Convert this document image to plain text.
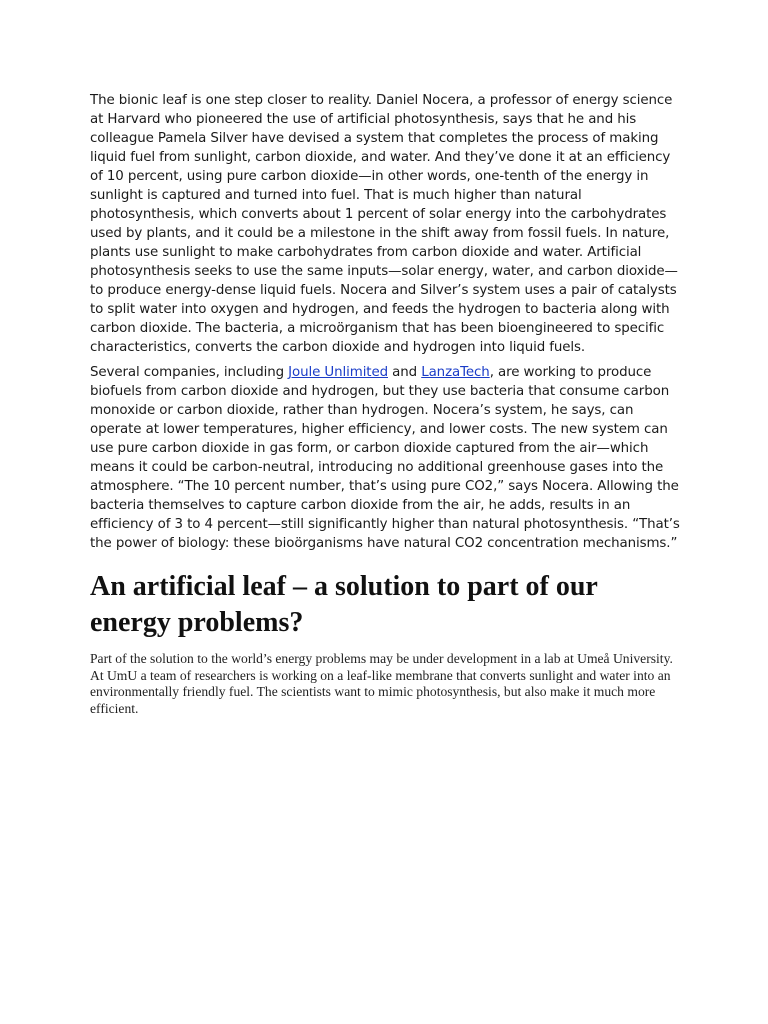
The bionic leaf is one step closer to reality. Daniel Nocera, a professor of energy science at Harvard who pioneered the use of artificial photosynthesis, says that he and his colleague Pamela Silver have devised a system that completes the process of making liquid fuel from sunlight, carbon dioxide, and water. And they’ve done it at an efficiency of 10 percent, using pure carbon dioxide—in other words, one-tenth of the energy in sunlight is captured and turned into fuel. That is much higher than natural photosynthesis, which converts about 1 percent of solar energy into the carbohydrates used by plants, and it could be a milestone in the shift away from fossil fuels. In nature, plants use sunlight to make carbohydrates from carbon dioxide and water. Artificial photosynthesis seeks to use the same inputs—solar energy, water, and carbon dioxide—to produce energy-dense liquid fuels. Nocera and Silver’s system uses a pair of catalysts to split water into oxygen and hydrogen, and feeds the hydrogen to bacteria along with carbon dioxide. The bacteria, a microörganism that has been bioengineered to specific characteristics, converts the carbon dioxide and hydrogen into liquid fuels.

Several companies, including Joule Unlimited and LanzaTech, are working to produce biofuels from carbon dioxide and hydrogen, but they use bacteria that consume carbon monoxide or carbon dioxide, rather than hydrogen. Nocera’s system, he says, can operate at lower temperatures, higher efficiency, and lower costs. The new system can use pure carbon dioxide in gas form, or carbon dioxide captured from the air—which means it could be carbon-neutral, introducing no additional greenhouse gases into the atmosphere. “The 10 percent number, that’s using pure CO2,” says Nocera. Allowing the bacteria themselves to capture carbon dioxide from the air, he adds, results in an efficiency of 3 to 4 percent—still significantly higher than natural photosynthesis. “That’s the power of biology: these bioörganisms have natural CO2 concentration mechanisms.”

An artificial leaf – a solution to part of our energy problems?

Part of the solution to the world’s energy problems may be under development in a lab at Umeå University. At UmU a team of researchers is working on a leaf-like membrane that converts sunlight and water into an environmentally friendly fuel. The scientists want to mimic photosynthesis, but also make it much more efficient.
